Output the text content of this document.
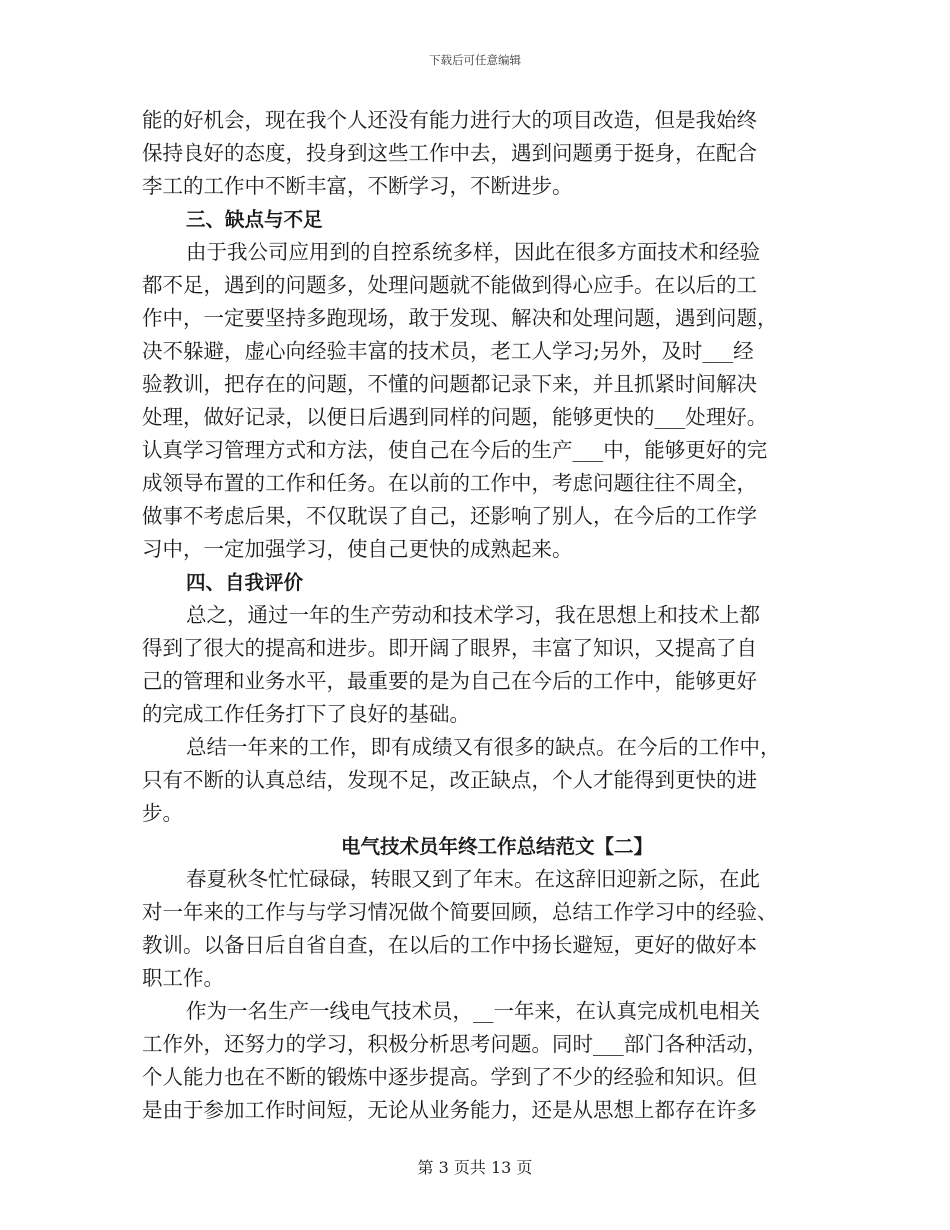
下载后可任意编辑
能的好机会，现在我个人还没有能力进行大的项目改造，但是我始终
保持良好的态度，投身到这些工作中去，遇到问题勇于挺身，在配合
李工的工作中不断丰富，不断学习，不断进步。
三、缺点与不足
由于我公司应用到的自控系统多样，因此在很多方面技术和经验
都不足，遇到的问题多，处理问题就不能做到得心应手。在以后的工
作中，一定要坚持多跑现场，敢于发现、解决和处理问题，遇到问题，
决不躲避，虚心向经验丰富的技术员，老工人学习;另外，及时___经
验教训，把存在的问题，不懂的问题都记录下来，并且抓紧时间解决
处理，做好记录，以便日后遇到同样的问题，能够更快的___处理好。
认真学习管理方式和方法，使自己在今后的生产___中，能够更好的完
成领导布置的工作和任务。在以前的工作中，考虑问题往往不周全，
做事不考虑后果，不仅耽误了自己，还影响了别人，在今后的工作学
习中，一定加强学习，使自己更快的成熟起来。
四、自我评价
总之，通过一年的生产劳动和技术学习，我在思想上和技术上都
得到了很大的提高和进步。即开阔了眼界，丰富了知识，又提高了自
己的管理和业务水平，最重要的是为自己在今后的工作中，能够更好
的完成工作任务打下了良好的基础。
总结一年来的工作，即有成绩又有很多的缺点。在今后的工作中，
只有不断的认真总结，发现不足，改正缺点，个人才能得到更快的进
步。
电气技术员年终工作总结范文【二】
春夏秋冬忙忙碌碌，转眼又到了年末。在这辞旧迎新之际，在此
对一年来的工作与与学习情况做个简要回顾，总结工作学习中的经验、
教训。以备日后自省自查，在以后的工作中扬长避短，更好的做好本
职工作。
作为一名生产一线电气技术员，__一年来，在认真完成机电相关
工作外，还努力的学习，积极分析思考问题。同时___部门各种活动，
个人能力也在不断的锻炼中逐步提高。学到了不少的经验和知识。但
是由于参加工作时间短，无论从业务能力，还是从思想上都存在许多
第 3 页共 13 页
